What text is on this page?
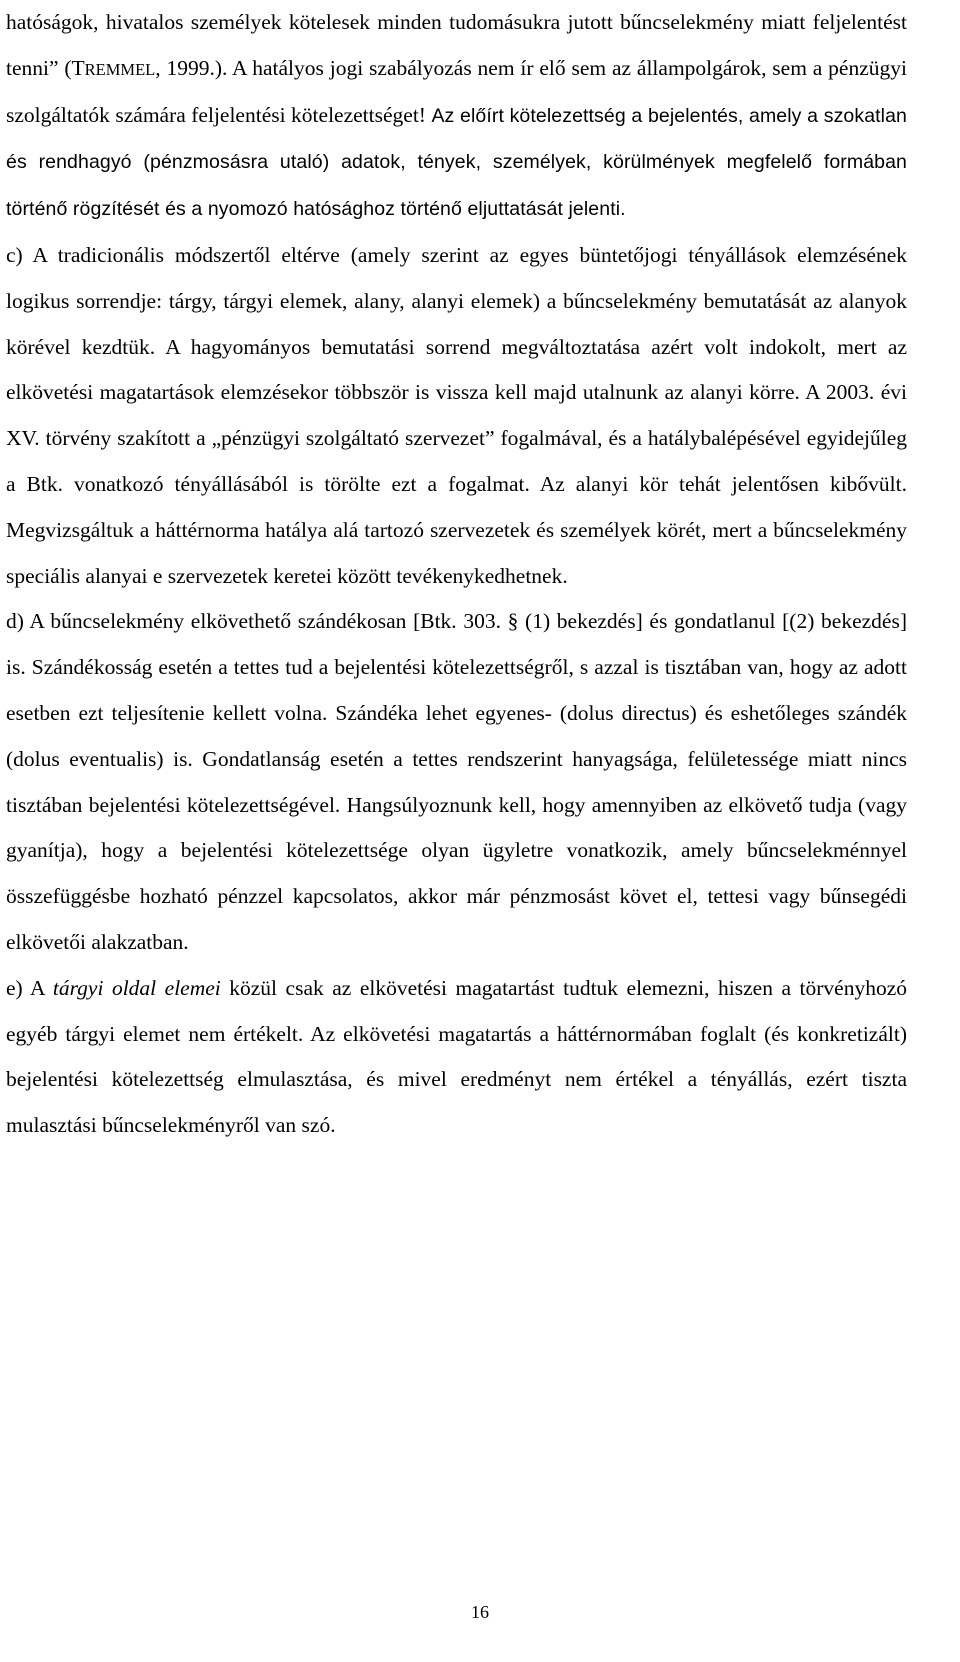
hatóságok, hivatalos személyek kötelesek minden tudomásukra jutott bűncselekmény miatt feljelentést tenni” (TREMMEL, 1999.). A hatályos jogi szabályozás nem ír elő sem az állampolgárok, sem a pénzügyi szolgáltatók számára feljelentési kötelezettséget! Az előírt kötelezettség a bejelentés, amely a szokatlan és rendhagyó (pénzmosásra utaló) adatok, tények, személyek, körülmények megfelelő formában történő rögzítését és a nyomozó hatósághoz történő eljuttatását jelenti.

c) A tradicionális módszertől eltérve (amely szerint az egyes büntetőjogi tényállások elemzésének logikus sorrendje: tárgy, tárgyi elemek, alany, alanyi elemek) a bűncselekmény bemutatását az alanyok körével kezdtük. A hagyományos bemutatási sorrend megváltoztatása azért volt indokolt, mert az elkövetési magatartások elemzésekor többször is vissza kell majd utalnunk az alanyi körre. A 2003. évi XV. törvény szakított a „pénzügyi szolgáltató szervezet” fogalmával, és a hatálybalépésével egyidejűleg a Btk. vonatkozó tényállásából is törölte ezt a fogalmat. Az alanyi kör tehát jelentősen kibővült. Megvizsgáltuk a háttérnorma hatálya alá tartozó szervezetek és személyek körét, mert a bűncselekmény speciális alanyai e szervezetek keretei között tevékenykedhetnek.

d) A bűncselekmény elkövethető szándékosan [Btk. 303. § (1) bekezdés] és gondatlanul [(2) bekezdés] is. Szándékosság esetén a tettes tud a bejelentési kötelezettségről, s azzal is tisztában van, hogy az adott esetben ezt teljesítenie kellett volna. Szándéka lehet egyenes- (dolus directus) és eshetőleges szándék (dolus eventualis) is. Gondatlanság esetén a tettes rendszerint hanyagsága, felületessége miatt nincs tisztában bejelentési kötelezettségével. Hangsúlyoznunk kell, hogy amennyiben az elkövető tudja (vagy gyanítja), hogy a bejelentési kötelezettsége olyan ügyletre vonatkozik, amely bűncselekménnyel összefüggésbe hozható pénzzel kapcsolatos, akkor már pénzmosást követ el, tettesi vagy bűnsegédi elkövetői alakzatban.

e) A tárgyi oldal elemei közül csak az elkövetési magatartást tudtuk elemezni, hiszen a törvényhozó egyéb tárgyi elemet nem értékelt. Az elkövetési magatartás a háttérnormában foglalt (és konkretizált) bejelentési kötelezettség elmulasztása, és mivel eredményt nem értékel a tényállás, ezért tiszta mulasztási bűncselekményről van szó.

16
